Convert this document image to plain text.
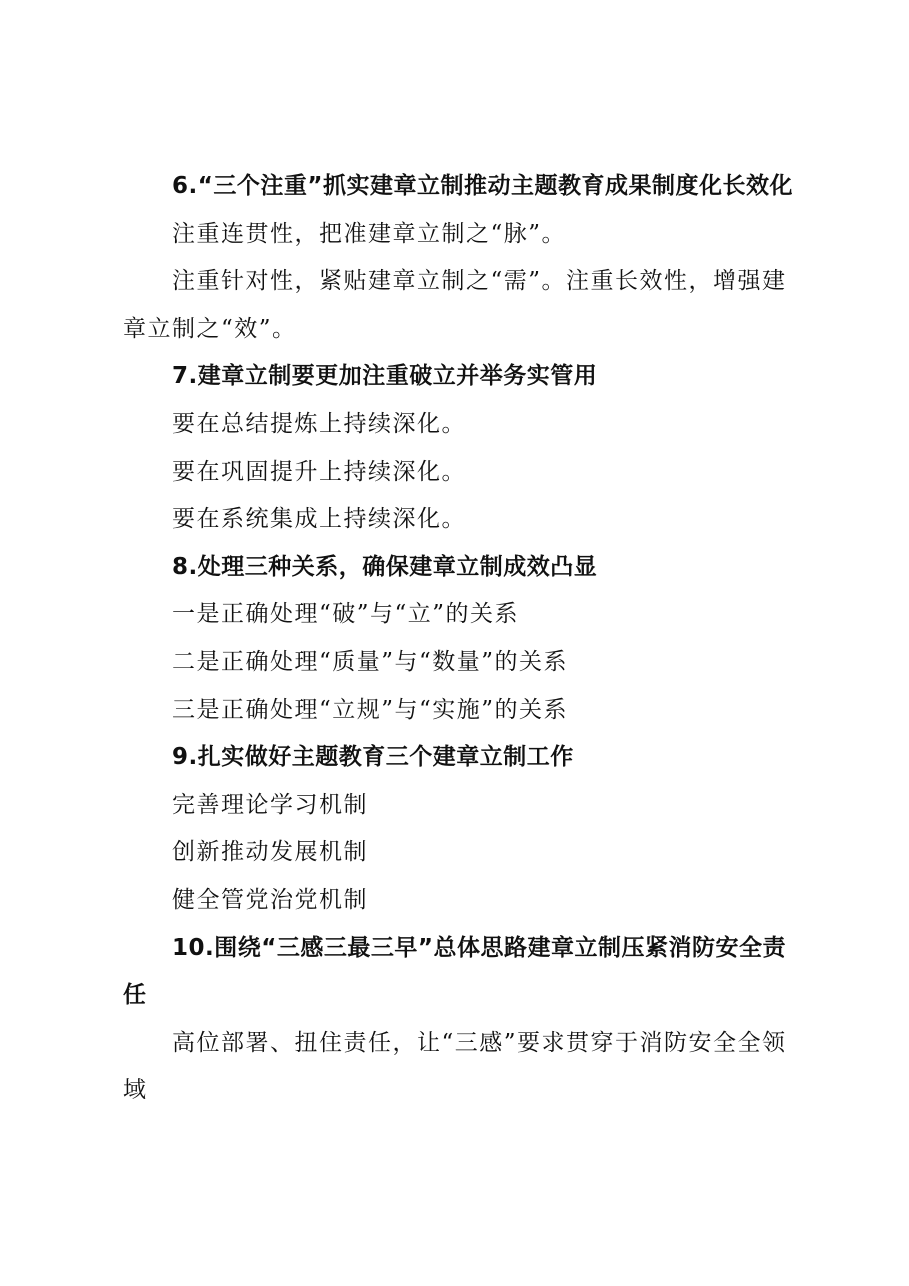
6.“三个注重”抓实建章立制推动主题教育成果制度化长效化
注重连贯性，把准建章立制之“脉”。
注重针对性，紧贴建章立制之“需”。注重长效性，增强建
章立制之“效”。
7.建章立制要更加注重破立并举务实管用
要在总结提炼上持续深化。
要在巩固提升上持续深化。
要在系统集成上持续深化。
8.处理三种关系，确保建章立制成效凸显
一是正确处理“破”与“立”的关系
二是正确处理“质量”与“数量”的关系
三是正确处理“立规”与“实施”的关系
9.扎实做好主题教育三个建章立制工作
完善理论学习机制
创新推动发展机制
健全管党治党机制
10.围绕“三感三最三早”总体思路建章立制压紧消防安全责
任
高位部署、扭住责任，让“三感”要求贯穿于消防安全全领
域
